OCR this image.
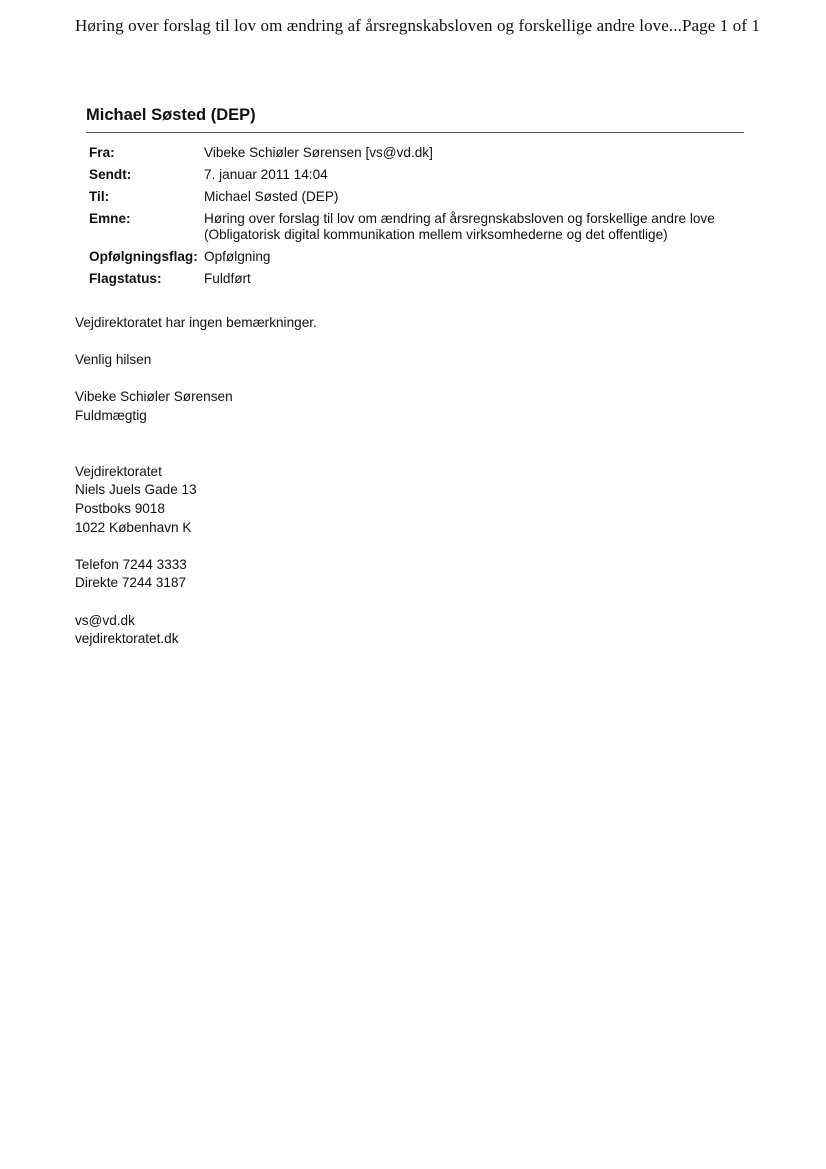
Høring over forslag til lov om ændring af årsregnskabsloven og forskellige andre love... Page 1 of 1
Michael Søsted (DEP)
Fra:	Vibeke Schiøler Sørensen [vs@vd.dk]
Sendt:	7. januar 2011 14:04
Til:	Michael Søsted (DEP)
Emne:	Høring over forslag til lov om ændring af årsregnskabsloven og forskellige andre love
(Obligatorisk digital kommunikation mellem virksomhederne og det offentlige)
Opfølgningsflag: Opfølgning
Flagstatus:	Fuldført

Vejdirektoratet har ingen bemærkninger.

Venlig hilsen

Vibeke Schiøler Sørensen

Fuldmægtig

Vejdirektoratet

Niels Juels Gade 13

Postboks 9018

1022 København K

Telefon 7244 3333

Direkte 7244 3187

vs@vd.dk

vejdirektoratet.dk
